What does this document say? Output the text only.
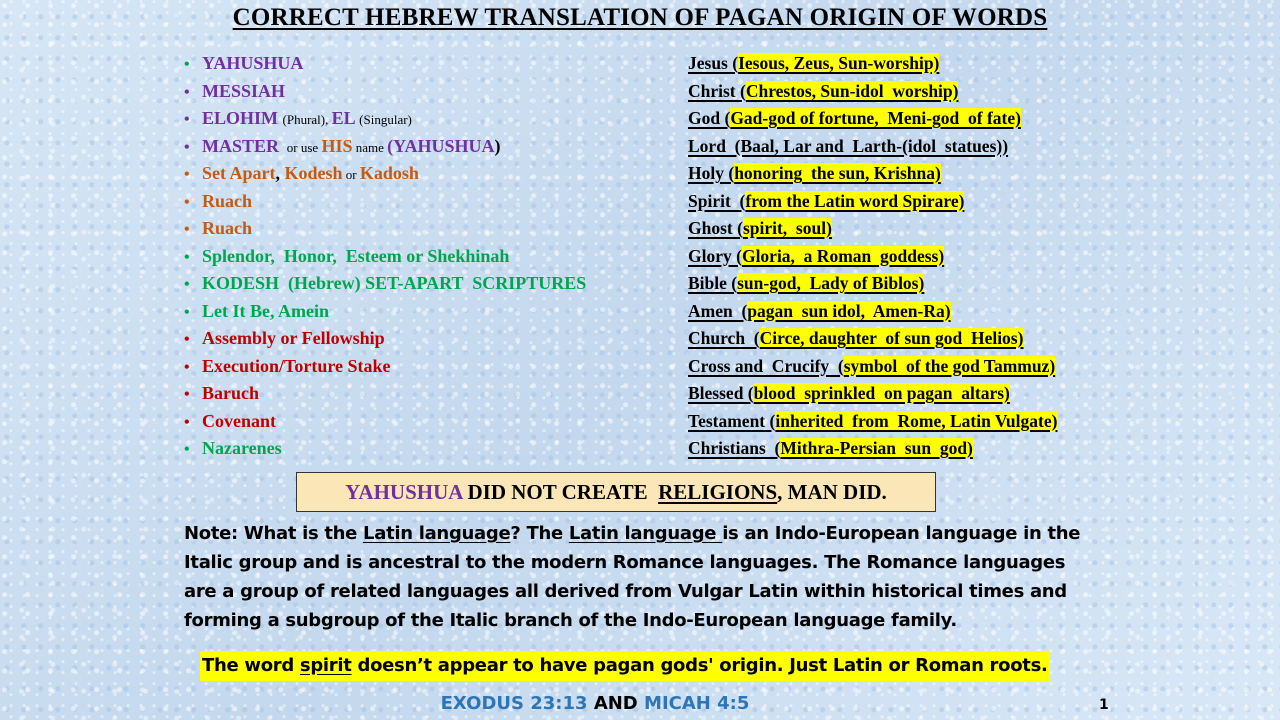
CORRECT HEBREW TRANSLATION OF PAGAN ORIGIN OF WORDS
• YAHUSHUA
• MESSIAH
• ELOHIM (Phural), EL (Singular)
• MASTER  or use HIS name (YAHUSHUA)
• Set Apart, Kodesh or Kadosh
• Ruach
• Ruach
• Splendor,  Honor,  Esteem or Shekhinah
• KODESH  (Hebrew) SET-APART  SCRIPTURES
• Let It Be, Amein
• Assembly or Fellowship
• Execution/Torture Stake
• Baruch
• Covenant
• Nazarenes
Jesus (Iesous, Zeus, Sun-worship)
Christ (Chrestos, Sun-idol  worship)
God (Gad-god of fortune,  Meni-god  of fate)
Lord  (Baal, Lar and  Larth-(idol  statues))
Holy (honoring  the sun, Krishna)
Spirit  (from the Latin word Spirare)
Ghost (spirit,  soul)
Glory (Gloria,  a Roman  goddess)
Bible (sun-god,  Lady of Biblos)
Amen  (pagan  sun idol,  Amen-Ra)
Church  (Circe, daughter  of sun god  Helios)
Cross and  Crucify  (symbol  of the god Tammuz)
Blessed (blood  sprinkled  on pagan  altars)
Testament (inherited  from  Rome, Latin Vulgate)
Christians  (Mithra-Persian  sun  god)
YAHUSHUA DID NOT CREATE  RELIGIONS, MAN DID.
Note: What is the Latin language? The Latin language is an Indo-European language in the Italic group and is ancestral to the modern Romance languages. The Romance languages are a group of related languages all derived from Vulgar Latin within historical times and forming a subgroup of the Italic branch of the Indo-European language family.
The word spirit doesn’t appear to have pagan gods' origin. Just Latin or Roman roots.
EXODUS 23:13 AND MICAH 4:5	1
